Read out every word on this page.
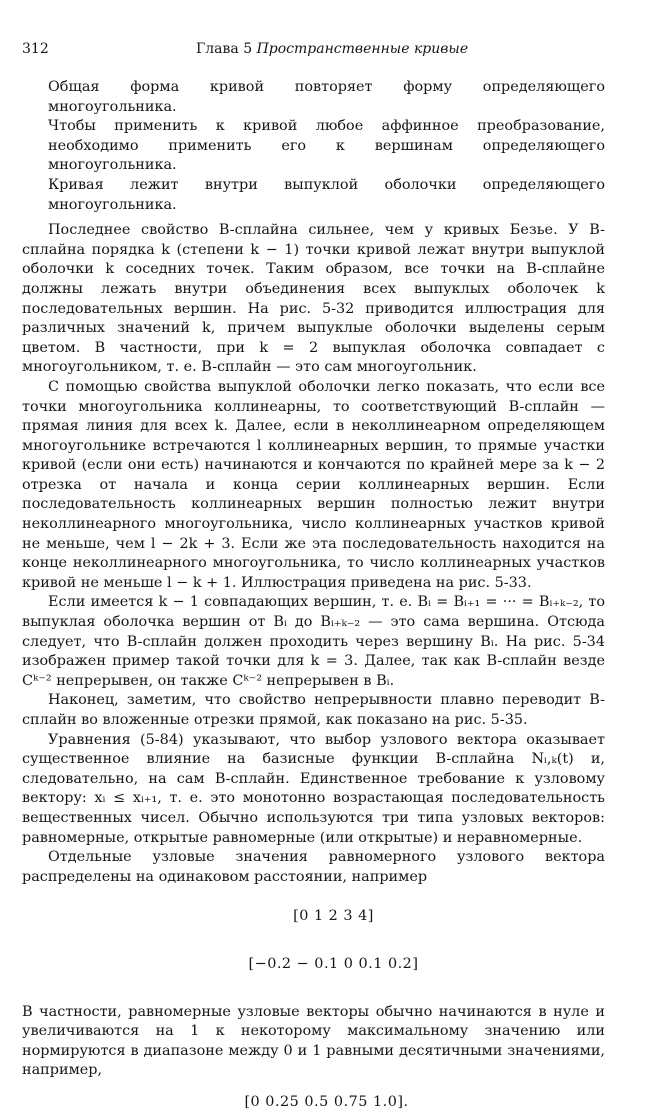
312	Глава 5 Пространственные кривые

Общая форма кривой повторяет форму определяющего многоугольника.

Чтобы применить к кривой любое аффинное преобразование, необходимо применить его к вершинам определяющего многоугольника.

Кривая лежит внутри выпуклой оболочки определяющего многоугольника.

Последнее свойство B-сплайна сильнее, чем у кривых Безье. У B-сплайна порядка k (степени k − 1) точки кривой лежат внутри выпуклой оболочки k соседних точек. Таким образом, все точки на B-сплайне должны лежать внутри объединения всех выпуклых оболочек k последовательных вершин. На рис. 5-32 приводится иллюстрация для различных значений k, причем выпуклые оболочки выделены серым цветом. В частности, при k = 2 выпуклая оболочка совпадает с многоугольником, т. е. B-сплайн — это сам многоугольник.

С помощью свойства выпуклой оболочки легко показать, что если все точки многоугольника коллинеарны, то соответствующий B-сплайн — прямая линия для всех k. Далее, если в неколлинеарном определяющем многоугольнике встречаются l коллинеарных вершин, то прямые участки кривой (если они есть) начинаются и кончаются по крайней мере за k − 2 отрезка от начала и конца серии коллинеарных вершин. Если последовательность коллинеарных вершин полностью лежит внутри неколлинеарного многоугольника, число коллинеарных участков кривой не меньше, чем l − 2k + 3. Если же эта последовательность находится на конце неколлинеарного многоугольника, то число коллинеарных участков кривой не меньше l − k + 1. Иллюстрация приведена на рис. 5-33.

Если имеется k − 1 совпадающих вершин, т. е. Bᵢ = Bᵢ₊₁ = ··· = Bᵢ₊ₖ₋₂, то выпуклая оболочка вершин от Bᵢ до Bᵢ₊ₖ₋₂ — это сама вершина. Отсюда следует, что B-сплайн должен проходить через вершину Bᵢ. На рис. 5-34 изображен пример такой точки для k = 3. Далее, так как B-сплайн везде Cᵏ⁻² непрерывен, он также Cᵏ⁻² непрерывен в Bᵢ.

Наконец, заметим, что свойство непрерывности плавно переводит B-сплайн во вложенные отрезки прямой, как показано на рис. 5-35.

Уравнения (5-84) указывают, что выбор узлового вектора оказывает существенное влияние на базисные функции B-сплайна Nᵢ,ₖ(t) и, следовательно, на сам B-сплайн. Единственное требование к узловому вектору: xᵢ ≤ xᵢ₊₁, т. е. это монотонно возрастающая последовательность вещественных чисел. Обычно используются три типа узловых векторов: равномерные, открытые равномерные (или открытые) и неравномерные.

Отдельные узловые значения равномерного узлового вектора распределены на одинаковом расстоянии, например

[0 1 2 3 4]

[−0.2 − 0.1 0 0.1 0.2]

В частности, равномерные узловые векторы обычно начинаются в нуле и увеличиваются на 1 к некоторому максимальному значению или нормируются в диапазоне между 0 и 1 равными десятичными значениями, например,

[0 0.25 0.5 0.75 1.0].
